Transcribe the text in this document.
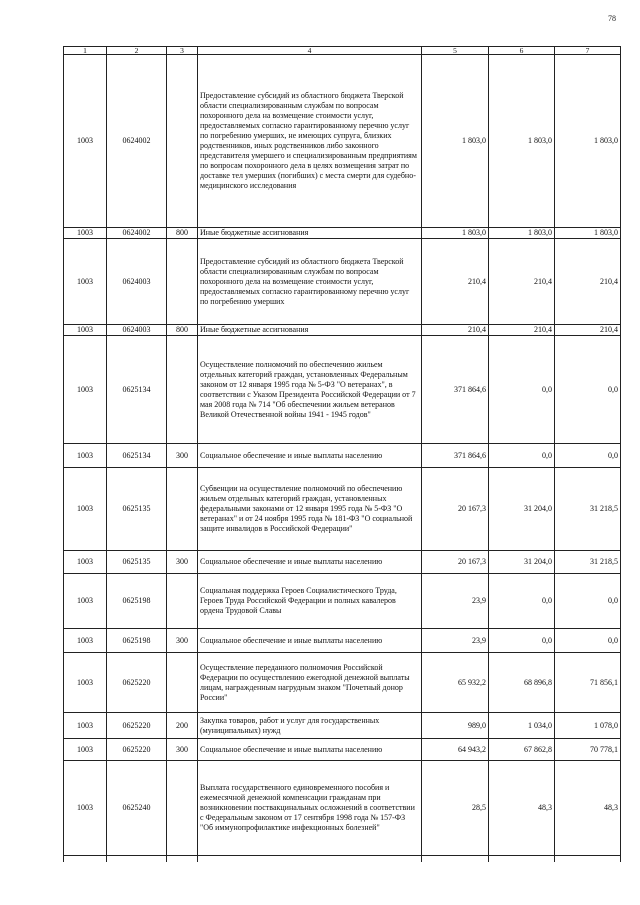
78
1	2	3	4	5	6	7
1003	0624002		Предоставление субсидий из областного бюджета Тверской области специализированным службам по вопросам похоронного дела на возмещение стоимости услуг, предоставляемых согласно гарантированному перечню услуг по погребению умерших, не имеющих супруга, близких родственников, иных родственников либо законного представителя умершего и специализированным предприятиям по вопросам похоронного дела в целях возмещения затрат по доставке тел умерших (погибших) с места смерти для судебно-медицинского исследования	1 803,0	1 803,0	1 803,0
1003	0624002	800	Иные бюджетные ассигнования	1 803,0	1 803,0	1 803,0
1003	0624003		Предоставление субсидий из областного бюджета Тверской области специализированным службам по вопросам похоронного дела на возмещение стоимости услуг, предоставляемых согласно гарантированному перечню услуг по погребению умерших	210,4	210,4	210,4
1003	0624003	800	Иные бюджетные ассигнования	210,4	210,4	210,4
1003	0625134		Осуществление полномочий по обеспечению жильем отдельных категорий граждан, установленных Федеральным законом от 12 января 1995 года № 5-ФЗ "О ветеранах", в соответствии с Указом Президента Российской Федерации от 7 мая 2008 года № 714 "Об обеспечении жильем ветеранов Великой Отечественной войны 1941 - 1945 годов"	371 864,6	0,0	0,0
1003	0625134	300	Социальное обеспечение и иные выплаты населению	371 864,6	0,0	0,0
1003	0625135		Субвенции на осуществление полномочий по обеспечению жильем отдельных категорий граждан, установленных федеральными законами от 12 января 1995 года № 5-ФЗ "О ветеранах" и от 24 ноября 1995 года № 181-ФЗ "О социальной защите инвалидов в Российской Федерации"	20 167,3	31 204,0	31 218,5
1003	0625135	300	Социальное обеспечение и иные выплаты населению	20 167,3	31 204,0	31 218,5
1003	0625198		Социальная поддержка Героев Социалистического Труда, Героев Труда Российской Федерации и полных кавалеров ордена Трудовой Славы	23,9	0,0	0,0
1003	0625198	300	Социальное обеспечение и иные выплаты населению	23,9	0,0	0,0
1003	0625220		Осуществление переданного полномочия Российской Федерации по осуществлению ежегодной денежной выплаты лицам, награжденным нагрудным знаком "Почетный донор России"	65 932,2	68 896,8	71 856,1
1003	0625220	200	Закупка товаров, работ и услуг для государственных (муниципальных) нужд	989,0	1 034,0	1 078,0
1003	0625220	300	Социальное обеспечение и иные выплаты населению	64 943,2	67 862,8	70 778,1
1003	0625240		Выплата государственного единовременного пособия и ежемесячной денежной компенсации гражданам при возникновении поствакцинальных осложнений в соответствии с Федеральным законом от 17 сентября 1998 года № 157-ФЗ "Об иммунопрофилактике инфекционных болезней"	28,5	48,3	48,3
